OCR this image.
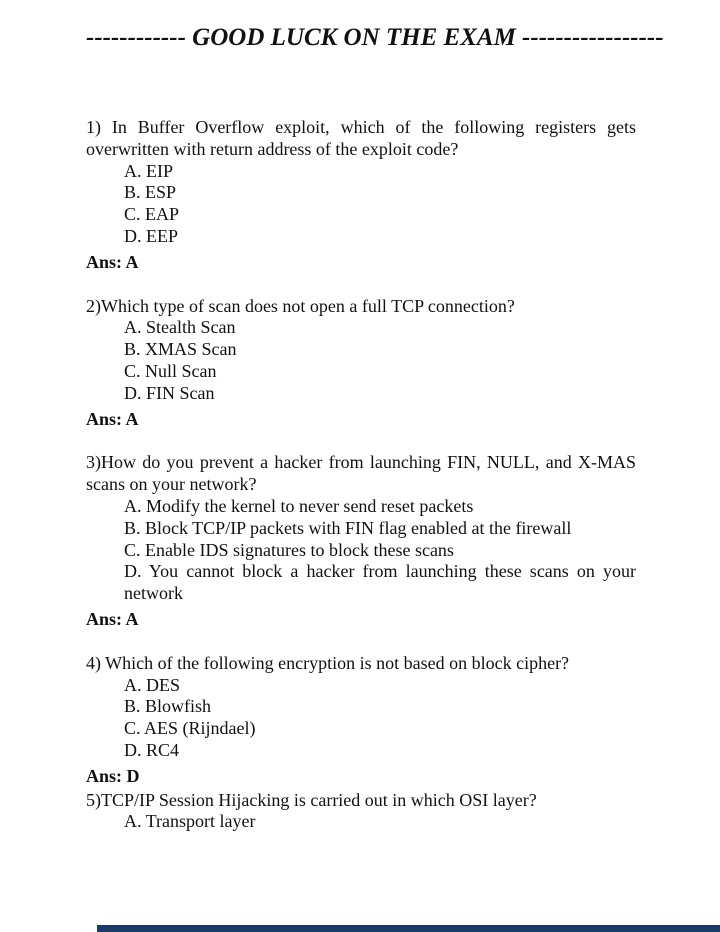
------------ GOOD LUCK ON THE EXAM -----------------

1) In Buffer Overflow exploit, which of the following registers gets overwritten with return address of the exploit code?

A. EIP

B. ESP

C. EAP

D. EEP

Ans: A

2)Which type of scan does not open a full TCP connection?

A. Stealth Scan

B. XMAS Scan

C. Null Scan

D. FIN Scan

Ans: A

3)How do you prevent a hacker from launching FIN, NULL, and X-MAS scans on your network?

A. Modify the kernel to never send reset packets

B. Block TCP/IP packets with FIN flag enabled at the firewall

C. Enable IDS signatures to block these scans

D. You cannot block a hacker from launching these scans on your network

Ans: A

4) Which of the following encryption is not based on block cipher?

A. DES

B. Blowfish

C. AES (Rijndael)

D. RC4

Ans: D

5)TCP/IP Session Hijacking is carried out in which OSI layer?

A. Transport layer
